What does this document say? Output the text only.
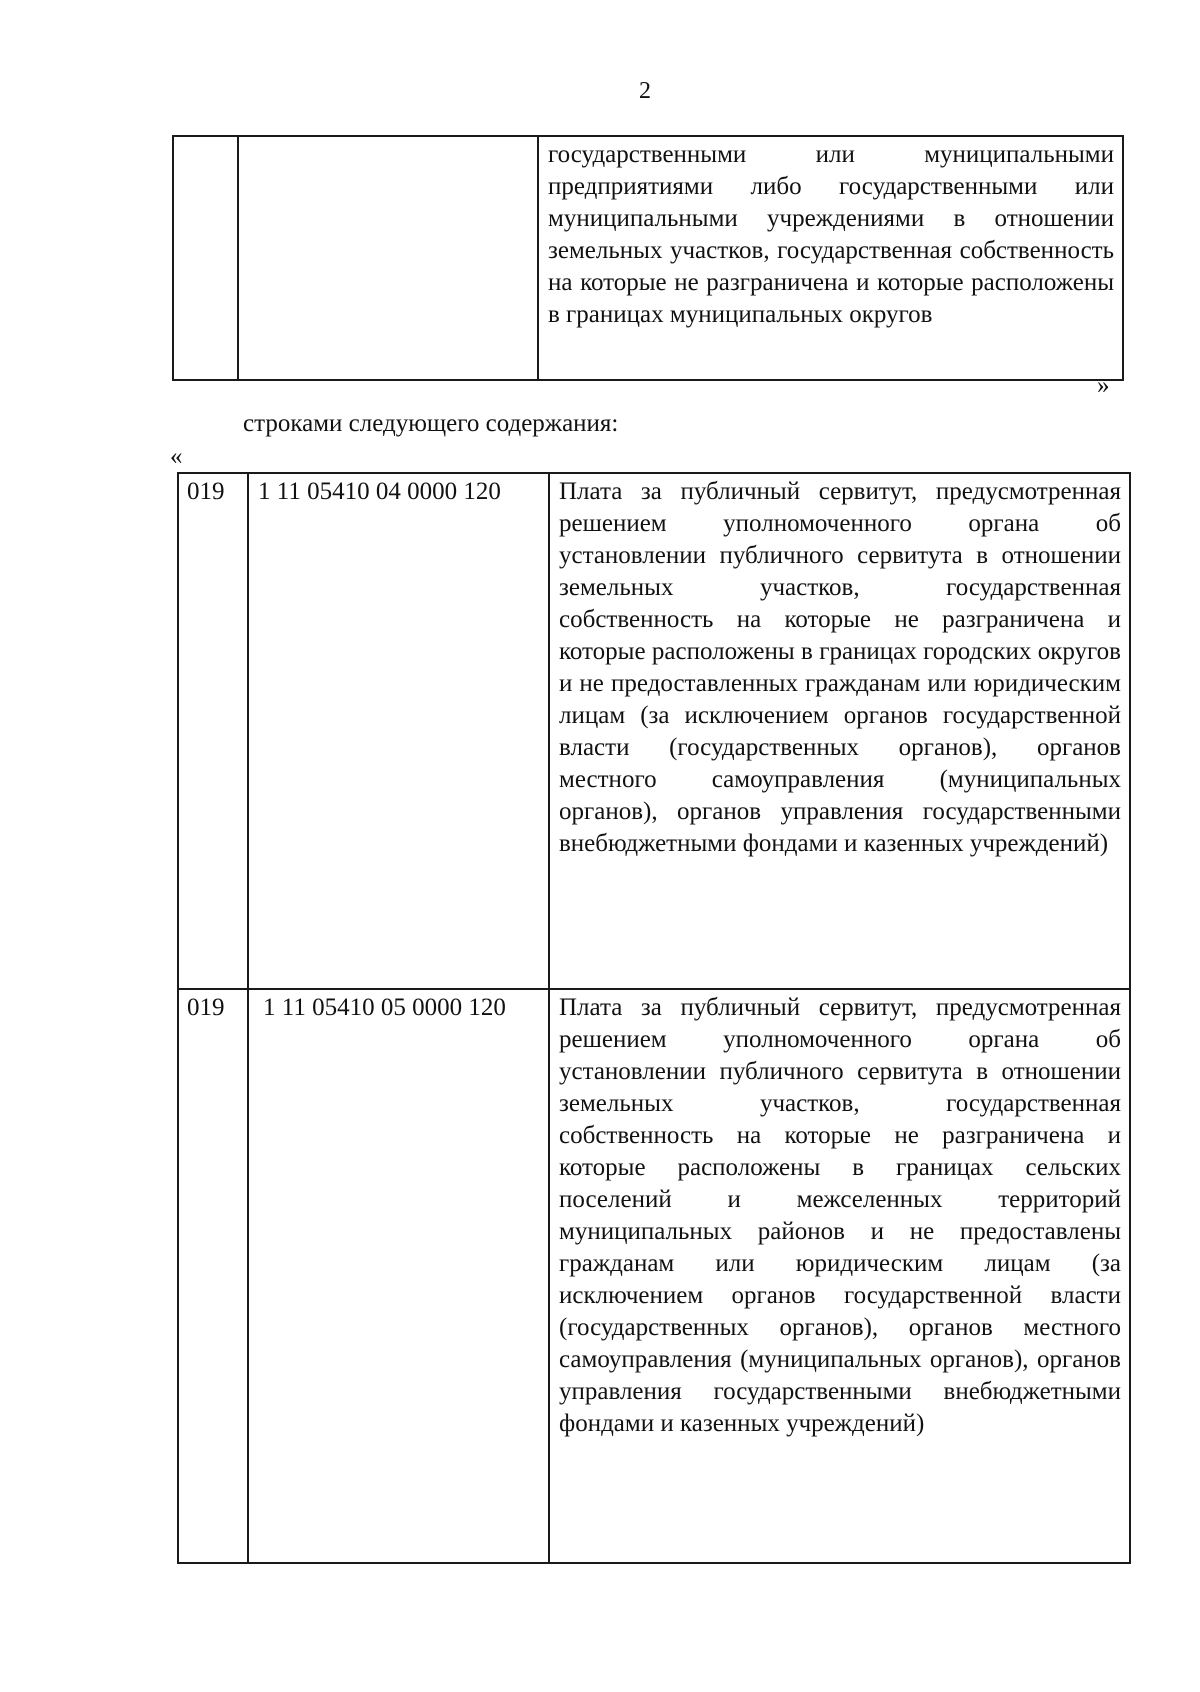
2
		государственными или муниципальными предприятиями либо государственными или муниципальными учреждениями в отношении земельных участков, государственная собственность на которые не разграничена и которые расположены в границах муниципальных округов
»
строками следующего содержания:
«
019	1 11 05410 04 0000 120	Плата за публичный сервитут, предусмотренная решением уполномоченного органа об установлении публичного сервитута в отношении земельных участков, государственная собственность на которые не разграничена и которые расположены в границах городских округов и не предоставленных гражданам или юридическим лицам (за исключением органов государственной власти (государственных органов), органов местного самоуправления (муниципальных органов), органов управления государственными внебюджетными фондами и казенных учреждений)
019	1 11 05410 05 0000 120	Плата за публичный сервитут, предусмотренная решением уполномоченного органа об установлении публичного сервитута в отношении земельных участков, государственная собственность на которые не разграничена и которые расположены в границах сельских поселений и межселенных территорий муниципальных районов и не предоставлены гражданам или юридическим лицам (за исключением органов государственной власти (государственных органов), органов местного самоуправления (муниципальных органов), органов управления государственными внебюджетными фондами и казенных учреждений)
